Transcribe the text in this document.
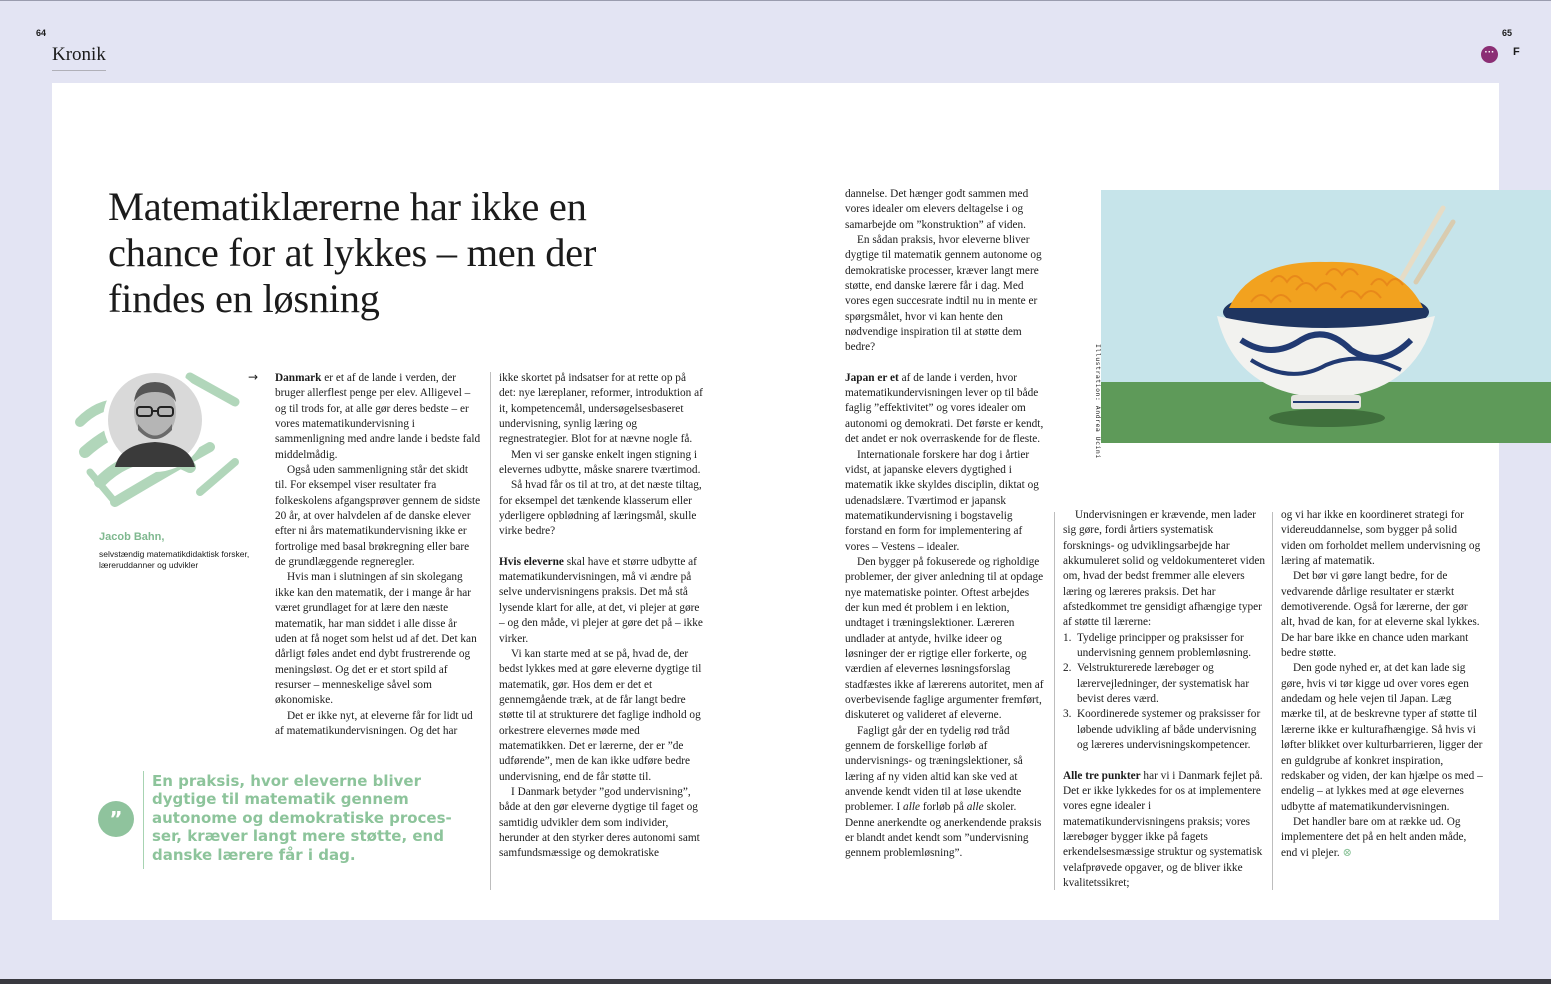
64	65
Kronik	···	F
Matematiklærerne har ikke en chance for at lykkes – men der findes en løsning
Jacob Bahn,
selvstændig matematikdidaktisk forsker, læreruddanner og udvikler
→ Danmark er et af de lande i verden, der bruger allerflest penge per elev. Alligevel – og til trods for, at alle gør deres bedste – er vores matematikundervisning i sammenligning med andre lande i bedste fald middelmådig.

Også uden sammenligning står det skidt til. For eksempel viser resultater fra folkeskolens afgangsprøver gennem de sidste 20 år, at over halvdelen af de danske elever efter ni års matematikundervisning ikke er fortrolige med basal brøkregning eller bare de grundlæggende regneregler.

Hvis man i slutningen af sin skolegang ikke kan den matematik, der i mange år har været grundlaget for at lære den næste matematik, har man siddet i alle disse år uden at få noget som helst ud af det. Det kan dårligt føles andet end dybt frustrerende og meningsløst. Og det er et stort spild af resurser – menneskelige såvel som økonomiske.

Det er ikke nyt, at eleverne får for lidt ud af matematikundervisningen. Og det har

ikke skortet på indsatser for at rette op på det: nye læreplaner, reformer, introduktion af it, kompetencemål, undersøgelsesbaseret undervisning, synlig læring og regnestrategier. Blot for at nævne nogle få.

Men vi ser ganske enkelt ingen stigning i elevernes udbytte, måske snarere tværtimod.

Så hvad får os til at tro, at det næste tiltag, for eksempel det tænkende klasserum eller yderligere opblødning af læringsmål, skulle virke bedre?

Hvis eleverne skal have et større udbytte af matematikundervisningen, må vi ændre på selve undervisningens praksis. Det må stå lysende klart for alle, at det, vi plejer at gøre – og den måde, vi plejer at gøre det på – ikke virker.

Vi kan starte med at se på, hvad de, der bedst lykkes med at gøre eleverne dygtige til matematik, gør. Hos dem er det et gennemgående træk, at de får langt bedre støtte til at strukturere det faglige indhold og orkestrere elevernes møde med matematikken. Det er lærerne, der er ”de udførende”, men de kan ikke udføre bedre undervisning, end de får støtte til.

I Danmark betyder ”god undervisning”, både at den gør eleverne dygtige til faget og samtidig udvikler dem som individer, herunder at den styrker deres autonomi samt samfundsmæssige og demokratiske

”
En praksis, hvor eleverne bliver dygtige til matematik gennem autonome og demokratiske proces-ser, kræver langt mere støtte, end danske lærere får i dag.

dannelse. Det hænger godt sammen med vores idealer om elevers deltagelse i og samarbejde om ”konstruktion” af viden.

En sådan praksis, hvor eleverne bliver dygtige til matematik gennem autonome og demokratiske processer, kræver langt mere støtte, end danske lærere får i dag. Med vores egen succesrate indtil nu in mente er spørgsmålet, hvor vi kan hente den nødvendige inspiration til at støtte dem bedre?

Japan er et af de lande i verden, hvor matematikundervisningen lever op til både faglig ”effektivitet” og vores idealer om autonomi og demokrati. Det første er kendt, det andet er nok overraskende for de fleste.

Internationale forskere har dog i årtier vidst, at japanske elevers dygtighed i matematik ikke skyldes disciplin, diktat og udenadslære. Tværtimod er japansk matematikundervisning i bogstavelig forstand en form for implementering af vores – Vestens – idealer.

Den bygger på fokuserede og righoldige problemer, der giver anledning til at opdage nye matematiske pointer. Oftest arbejdes der kun med ét problem i en lektion, undtaget i træningslektioner. Læreren undlader at antyde, hvilke ideer og løsninger der er rigtige eller forkerte, og værdien af elevernes løsningsforslag stadfæstes ikke af lærerens autoritet, men af overbevisende faglige argumenter fremført, diskuteret og valideret af eleverne.

Fagligt går der en tydelig rød tråd gennem de forskellige forløb af undervisnings- og træningslektioner, så læring af ny viden altid kan ske ved at anvende kendt viden til at løse ukendte problemer. I alle forløb på alle skoler. Denne anerkendte og anerkendende praksis er blandt andet kendt som ”undervisning gennem problemløsning”.

Undervisningen er krævende, men lader sig gøre, fordi årtiers systematisk forsknings- og udviklingsarbejde har akkumuleret solid og veldokumenteret viden om, hvad der bedst fremmer alle elevers læring og læreres praksis. Det har afstedkommet tre gensidigt afhængige typer af støtte til lærerne:

1. Tydelige principper og praksisser for undervisning gennem problemløsning.
2. Velstrukturerede lærebøger og lærervejledninger, der systematisk har bevist deres værd.
3. Koordinerede systemer og praksisser for løbende udvikling af både undervisning og læreres undervisningskompetencer.

Alle tre punkter har vi i Danmark fejlet på. Det er ikke lykkedes for os at implementere vores egne idealer i matematikundervisningens praksis; vores lærebøger bygger ikke på fagets erkendelsesmæssige struktur og systematisk velafprøvede opgaver, og de bliver ikke kvalitetssikret;

og vi har ikke en koordineret strategi for videreuddannelse, som bygger på solid viden om forholdet mellem undervisning og læring af matematik.

Det bør vi gøre langt bedre, for de vedvarende dårlige resultater er stærkt demotiverende. Også for lærerne, der gør alt, hvad de kan, for at eleverne skal lykkes. De har bare ikke en chance uden markant bedre støtte.

Den gode nyhed er, at det kan lade sig gøre, hvis vi tør kigge ud over vores egen andedam og hele vejen til Japan. Læg mærke til, at de beskrevne typer af støtte til lærerne ikke er kulturafhængige. Så hvis vi løfter blikket over kulturbarrieren, ligger der en guldgrube af konkret inspiration, redskaber og viden, der kan hjælpe os med – endelig – at lykkes med at øge elevernes udbytte af matematikundervisningen.

Det handler bare om at række ud. Og implementere det på en helt anden måde, end vi plejer. ⊗

Illustration: Andrea Ucini
